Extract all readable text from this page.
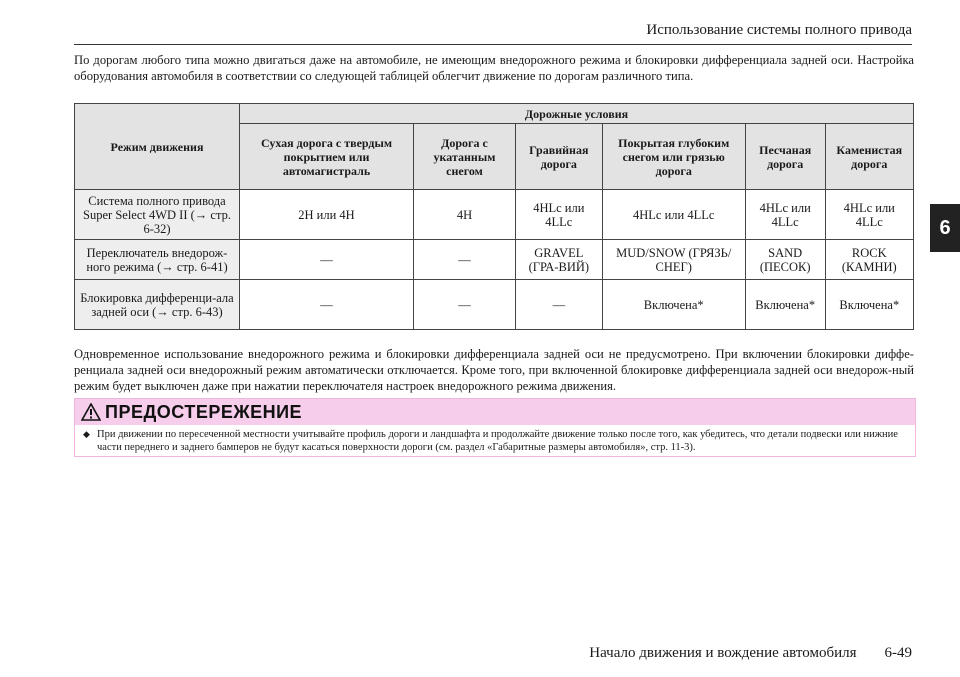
Использование системы полного привода
6

По дорогам любого типа можно двигаться даже на автомобиле, не имеющим внедорожного режима и блокировки дифференциала задней оси. Настройка оборудования автомобиля в соответствии со следующей таблицей облегчит движение по дорогам различного типа.

Режим движения	Дорожные условия					
	Сухая дорога с твердым покрытием или автомагистраль	Дорога с укатанным снегом	Гравийная дорога	Покрытая глубоким снегом или грязью дорога	Песчаная дорога	Каменистая дорога
Система полного привода Super Select 4WD II (→ стр. 6-32)	2H или 4H	4H	4HLc или 4LLc	4HLc или 4LLc	4HLc или 4LLc	4HLc или 4LLc
Переключатель внедорож-ного режима (→ стр. 6-41)	—	—	GRAVEL (ГРА-ВИЙ)	MUD/SNOW (ГРЯЗЬ/СНЕГ)	SAND (ПЕСОК)	ROCK (КАМНИ)
Блокировка дифференци-ала задней оси (→ стр. 6-43)	—	—	—	Включена*	Включена*	Включена*

Одновременное использование внедорожного режима и блокировки дифференциала задней оси не предусмотрено. При включении блокировки диффе-ренциала задней оси внедорожный режим автоматически отключается. Кроме того, при включенной блокировке дифференциала задней оси внедорож-ный режим будет выключен даже при нажатии переключателя настроек внедорожного режима движения.

ПРЕДОСТЕРЕЖЕНИЕ
◆ При движении по пересеченной местности учитывайте профиль дороги и ландшафта и продолжайте движение только после того, как убедитесь, что детали подвески или нижние части переднего и заднего бамперов не будут касаться поверхности дороги (см. раздел «Габаритные размеры автомобиля», стр. 11-3).
Начало движения и вождение автомобиля 6-49
